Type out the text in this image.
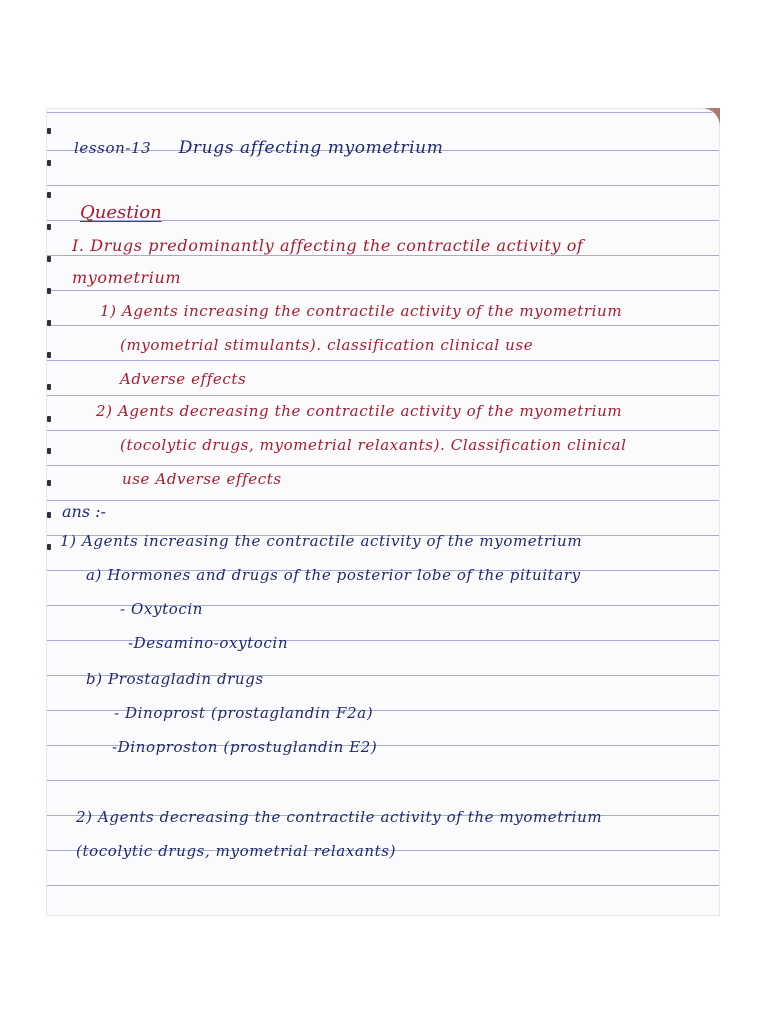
lesson-13 Drugs affecting myometrium
Question
I. Drugs predominantly affecting the contractile activity of
myometrium
1) Agents increasing the contractile activity of the myometrium
(myometrial stimulants). classification clinical use
Adverse effects
2) Agents decreasing the contractile activity of the myometrium
(tocolytic drugs, myometrial relaxants). Classification clinical
use Adverse effects
ans :-
1) Agents increasing the contractile activity of the myometrium
a) Hormones and drugs of the posterior lobe of the pituitary
- Oxytocin
-Desamino-oxytocin
b) Prostagladin drugs
- Dinoprost (prostaglandin F2a)
-Dinoproston (prostuglandin E2)
2) Agents decreasing the contractile activity of the myometrium
(tocolytic drugs, myometrial relaxants)
